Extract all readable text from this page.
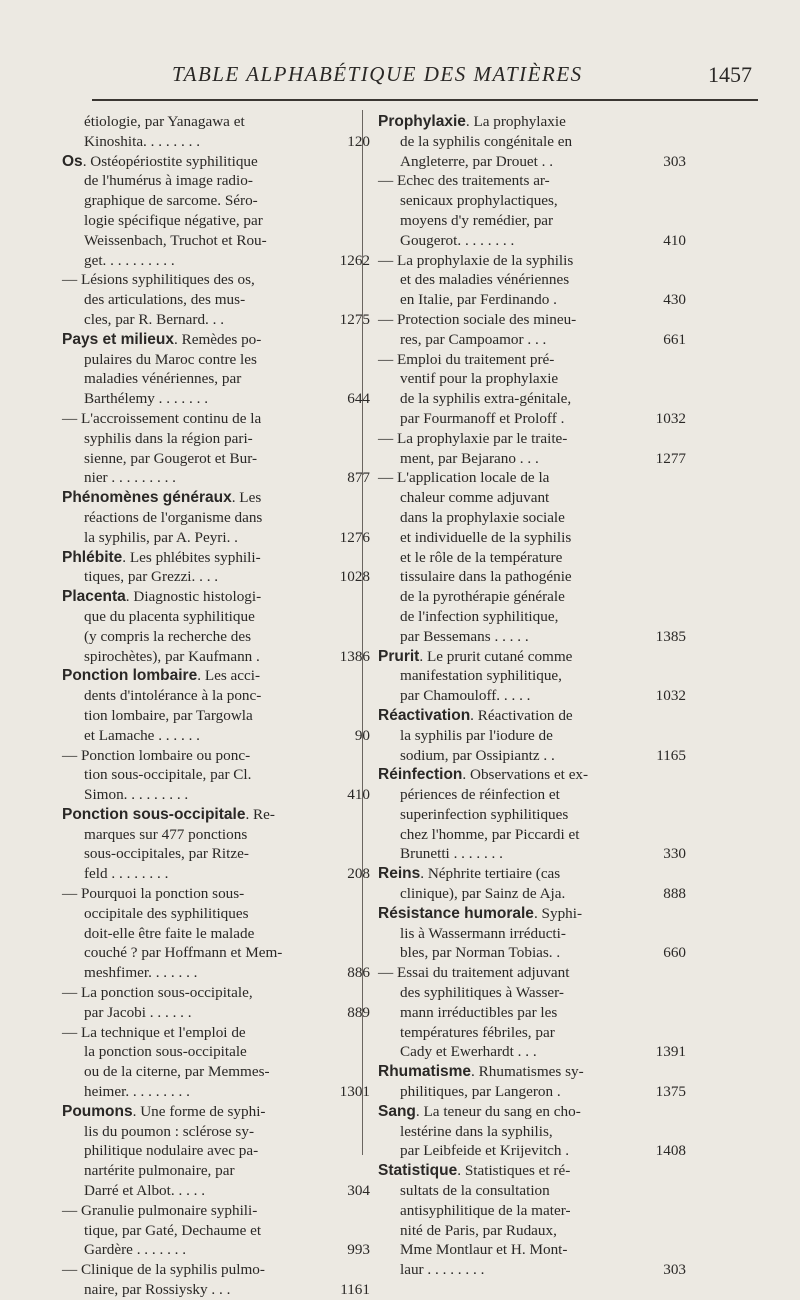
TABLE ALPHABÉTIQUE DES MATIÈRES	1457
étiologie, par Yanagawa et
Kinoshita. . . . . . . .	120
Os. Ostéopériostite syphilitique
de l'humérus à image radio-
graphique de sarcome. Séro-
logie spécifique négative, par
Weissenbach, Truchot et Rou-
get. . . . . . . . . .	1262
— Lésions syphilitiques des os,
des articulations, des mus-
cles, par R. Bernard. . .	1275
Pays et milieux. Remèdes po-
pulaires du Maroc contre les
maladies vénériennes, par
Barthélemy . . . . . . .	644
— L'accroissement continu de la
syphilis dans la région pari-
sienne, par Gougerot et Bur-
nier . . . . . . . . .	877
Phénomènes généraux. Les
réactions de l'organisme dans
la syphilis, par A. Peyri. .	1276
Phlébite. Les phlébites syphili-
tiques, par Grezzi. . . .	1028
Placenta. Diagnostic histologi-
que du placenta syphilitique
(y compris la recherche des
spirochètes), par Kaufmann .	1386
Ponction lombaire. Les acci-
dents d'intolérance à la ponc-
tion lombaire, par Targowla
et Lamache . . . . . .	90
— Ponction lombaire ou ponc-
tion sous-occipitale, par Cl.
Simon. . . . . . . . .	410
Ponction sous-occipitale. Re-
marques sur 477 ponctions
sous-occipitales, par Ritze-
feld . . . . . . . .	208
— Pourquoi la ponction sous-
occipitale des syphilitiques
doit-elle être faite le malade
couché ? par Hoffmann et Mem-
meshfimer. . . . . . .	886
— La ponction sous-occipitale,
par Jacobi . . . . . .	889
— La technique et l'emploi de
la ponction sous-occipitale
ou de la citerne, par Memmes-
heimer. . . . . . . . .	1301
Poumons. Une forme de syphi-
lis du poumon : sclérose sy-
philitique nodulaire avec pa-
nartérite pulmonaire, par
Darré et Albot. . . . .	304
— Granulie pulmonaire syphili-
tique, par Gaté, Dechaume et
Gardère . . . . . . .	993
— Clinique de la syphilis pulmo-
naire, par Rossiysky . . .	1161
Prophylaxie. La prophylaxie
de la syphilis congénitale en
Angleterre, par Drouet . .	303
— Echec des traitements ar-
senicaux prophylactiques,
moyens d'y remédier, par
Gougerot. . . . . . . .	410
— La prophylaxie de la syphilis
et des maladies vénériennes
en Italie, par Ferdinando .	430
— Protection sociale des mineu-
res, par Campoamor . . .	661
— Emploi du traitement pré-
ventif pour la prophylaxie
de la syphilis extra-génitale,
par Fourmanoff et Proloff .	1032
— La prophylaxie par le traite-
ment, par Bejarano . . .	1277
— L'application locale de la
chaleur comme adjuvant
dans la prophylaxie sociale
et individuelle de la syphilis
et le rôle de la température
tissulaire dans la pathogénie
de la pyrothérapie générale
de l'infection syphilitique,
par Bessemans . . . . .	1385
Prurit. Le prurit cutané comme
manifestation syphilitique,
par Chamouloff. . . . .	1032
Réactivation. Réactivation de
la syphilis par l'iodure de
sodium, par Ossipiantz . .	1165
Réinfection. Observations et ex-
périences de réinfection et
superinfection syphilitiques
chez l'homme, par Piccardi et
Brunetti . . . . . . .	330
Reins. Néphrite tertiaire (cas
clinique), par Sainz de Aja.	888
Résistance humorale. Syphi-
lis à Wassermann irréducti-
bles, par Norman Tobias. .	660
— Essai du traitement adjuvant
des syphilitiques à Wasser-
mann irréductibles par les
températures fébriles, par
Cady et Ewerhardt . . .	1391
Rhumatisme. Rhumatismes sy-
philitiques, par Langeron .	1375
Sang. La teneur du sang en cho-
lestérine dans la syphilis,
par Leibfeide et Krijevitch .	1408
Statistique. Statistiques et ré-
sultats de la consultation
antisyphilitique de la mater-
nité de Paris, par Rudaux,
Mme Montlaur et H. Mont-
laur . . . . . . . .	303
